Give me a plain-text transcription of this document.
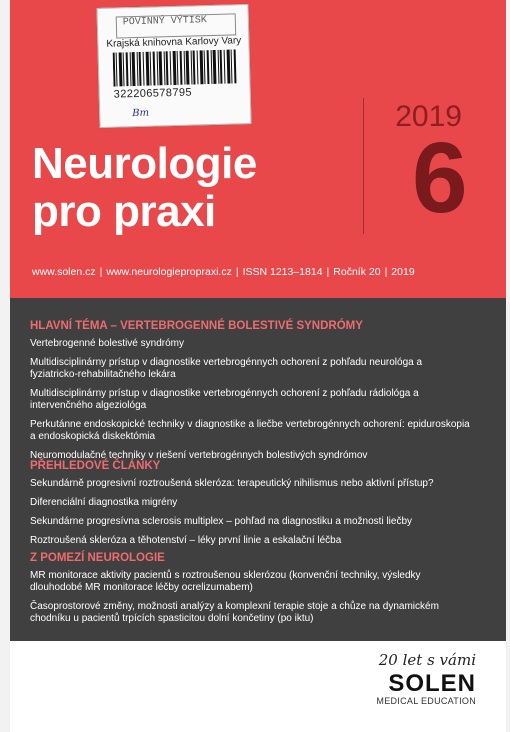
POVINNÝ VÝTISK
Krajská knihovna Karlovy Vary
322206578795
Bm	2019
6
Neurologie
pro praxi
www.solen.cz | www.neurologiepropraxi.cz | ISSN 1213–1814 | Ročník 20 | 2019
HLAVNÍ TÉMA – VERTEBROGENNÉ BOLESTIVÉ SYNDRÓMY
Vertebrogenné bolestivé syndrómy
Multidisciplinárny prístup v diagnostike vertebrogénnych ochorení z pohľadu neurológa a fyziatricko-rehabilitačného lekára
Multidisciplinárny prístup v diagnostike vertebrogénnych ochorení z pohľadu rádiológa a intervenčného algeziológa
Perkutánne endoskopické techniky v diagnostike a liečbe vertebrogénnych ochorení: epiduroskopia a endoskopická diskektómia
Neuromodulačné techniky v riešení vertebrogénnych bolestivých syndrómov
PŘEHLEDOVÉ ČLÁNKY
Sekundárně progresivní roztroušená skleróza: terapeutický nihilismus nebo aktivní přístup?
Diferenciální diagnostika migrény
Sekundárne progresívna sclerosis multiplex – pohľad na diagnostiku a možnosti liečby
Roztroušená skleróza a těhotenství – léky první linie a eskalační léčba
Z POMEZÍ NEUROLOGIE
MR monitorace aktivity pacientů s roztroušenou sklerózou (konvenční techniky, výsledky dlouhodobé MR monitorace léčby ocrelizumabem)
Časoprostorové změny, možnosti analýzy a komplexní terapie stoje a chůze na dynamickém chodníku u pacientů trpících spasticitou dolní končetiny (po iktu)
20 let s vámi
SOLEN
MEDICAL EDUCATION
